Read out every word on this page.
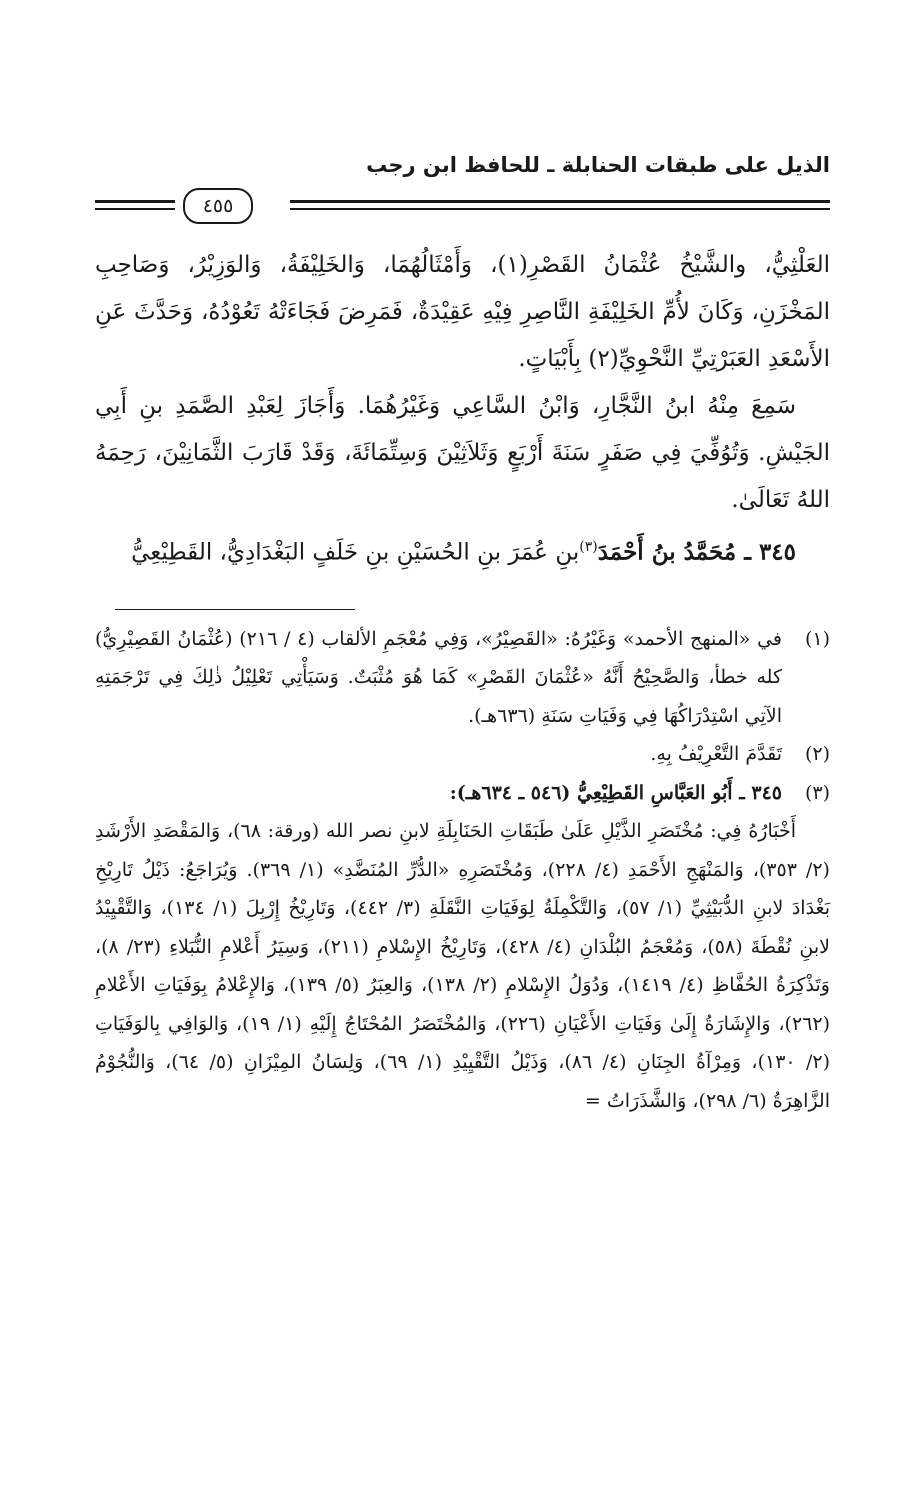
الذيل على طبقات الحنابلة ـ للحافظ ابن رجب
٤٥٥

العَلْثِيُّ، والشَّيْخُ عُثْمَانُ القَصْرِ(١)، وَأَمْثَالُهُمَا، وَالخَلِيْفَةُ، وَالوَزِيْرُ، وَصَاحِبِ المَخْزَنِ، وَكَانَ لأُمِّ الخَلِيْفَةِ النَّاصِرِ فِيْهِ عَقِيْدَةٌ، فَمَرِضَ فَجَاءَتْهُ تَعُوْدُهُ، وَحَدَّثَ عَنِ الأَسْعَدِ العَبَرْتِيِّ النَّحْوِيِّ(٢) بِأَبْيَاتٍ.

سَمِعَ مِنْهُ ابنُ النَّجَّارِ، وَابْنُ السَّاعِي وَغَيْرُهُمَا. وَأَجَازَ لِعَبْدِ الصَّمَدِ بنِ أَبِي الجَيْشِ. وَتُوُفِّيَ فِي صَفَرٍ سَنَةَ أَرْبَعٍ وَثَلاَثِيْنَ وَسِتِّمَائَةَ، وَقَدْ قَارَبَ الثَّمَانِيْنَ، رَحِمَهُ اللهُ تَعَالَىٰ.

٣٤٥ ـ مُحَمَّدُ بنُ أَحْمَدَ$^{(٣)}$بنِ عُمَرَ بنِ الحُسَيْنِ بنِ خَلَفٍ البَغْدَادِيُّ، القَطِيْعِيُّ

(١)
في «المنهج الأحمد» وَغَيْرُهُ: «القَصِيْرُ»، وَفِي مُعْجَمِ الألقاب (٤ / ٢١٦) (عُثْمَانُ القَصِيْرِيُّ) كله خطأ، وَالصَّحِيْحُ أَنَّهُ «عُثْمَانَ القَصْرِ» كَمَا هُوَ مُثْبَتٌ. وَسَيَأْتِي تَعْلِيْلُ ذٰلِكَ فِي تَرْجَمَتِهِ الآتِي اسْتِدْرَاكُهَا فِي وَفَيَاتِ سَنَةِ (٦٣٦هـ).
(٢)
تَقَدَّمَ التَّعْرِيْفُ بِهِ.
(٣)
٣٤٥ ـ أَبُو العَبَّاسِ القَطِيْعِيُّ (٥٤٦ ـ ٦٣٤هـ):

أَخْبَارُهُ فِي: مُخْتَصَرِ الذَّيْلِ عَلَىٰ طَبَقَاتِ الحَنَابِلَةِ لابنِ نصر الله (ورقة: ٦٨)، وَالمَقْصَدِ الأَرْشَدِ (٢/ ٣٥٣)، وَالمَنْهَجِ الأَحْمَدِ (٤/ ٢٢٨)، وَمُخْتَصَرِهِ «الدُّرِّ المُنَضَّدِ» (١/ ٣٦٩). وَيُرَاجَعُ: ذَيْلُ تَارِيْخِ بَغْدَادَ لابنِ الدُّبَيْثِيِّ (١/ ٥٧)، وَالتَّكْمِلَةُ لِوَفَيَاتِ النَّقَلَةِ (٣/ ٤٤٢)، وَتَارِيْخُ إِرْبِلَ (١/ ١٣٤)، وَالتَّقْيِيْدُ لابنِ نُقْطَةَ (٥٨)، وَمُعْجَمُ البُلْدَانِ (٤/ ٤٢٨)، وَتَارِيْخُ الإِسْلامِ (٢١١)، وَسِيَرُ أَعْلامِ النُّبَلاءِ (٢٣/ ٨)، وَتَذْكِرَةُ الحُفَّاظِ (٤/ ١٤١٩)، وَدُوَلُ الإِسْلامِ (٢/ ١٣٨)، وَالعِبَرُ (٥/ ١٣٩)، وَالإِعْلامُ بِوَفَيَاتِ الأَعْلامِ (٢٦٢)، وَالإِشَارَةُ إِلَىٰ وَفَيَاتِ الأَعْيَانِ (٢٢٦)، وَالمُخْتَصَرُ المُحْتَاجُ إِلَيْهِ (١/ ١٩)، وَالوَافِي بِالوَفَيَاتِ (٢/ ١٣٠)، وَمِرْآةُ الجِنَانِ (٤/ ٨٦)، وَذَيْلُ التَّقْيِيْدِ (١/ ٦٩)، وَلِسَانُ المِيْزَانِ (٥/ ٦٤)، وَالنُّجُوْمُ الزَّاهِرَةُ (٦/ ٢٩٨)، وَالشَّذَرَاتُ =
